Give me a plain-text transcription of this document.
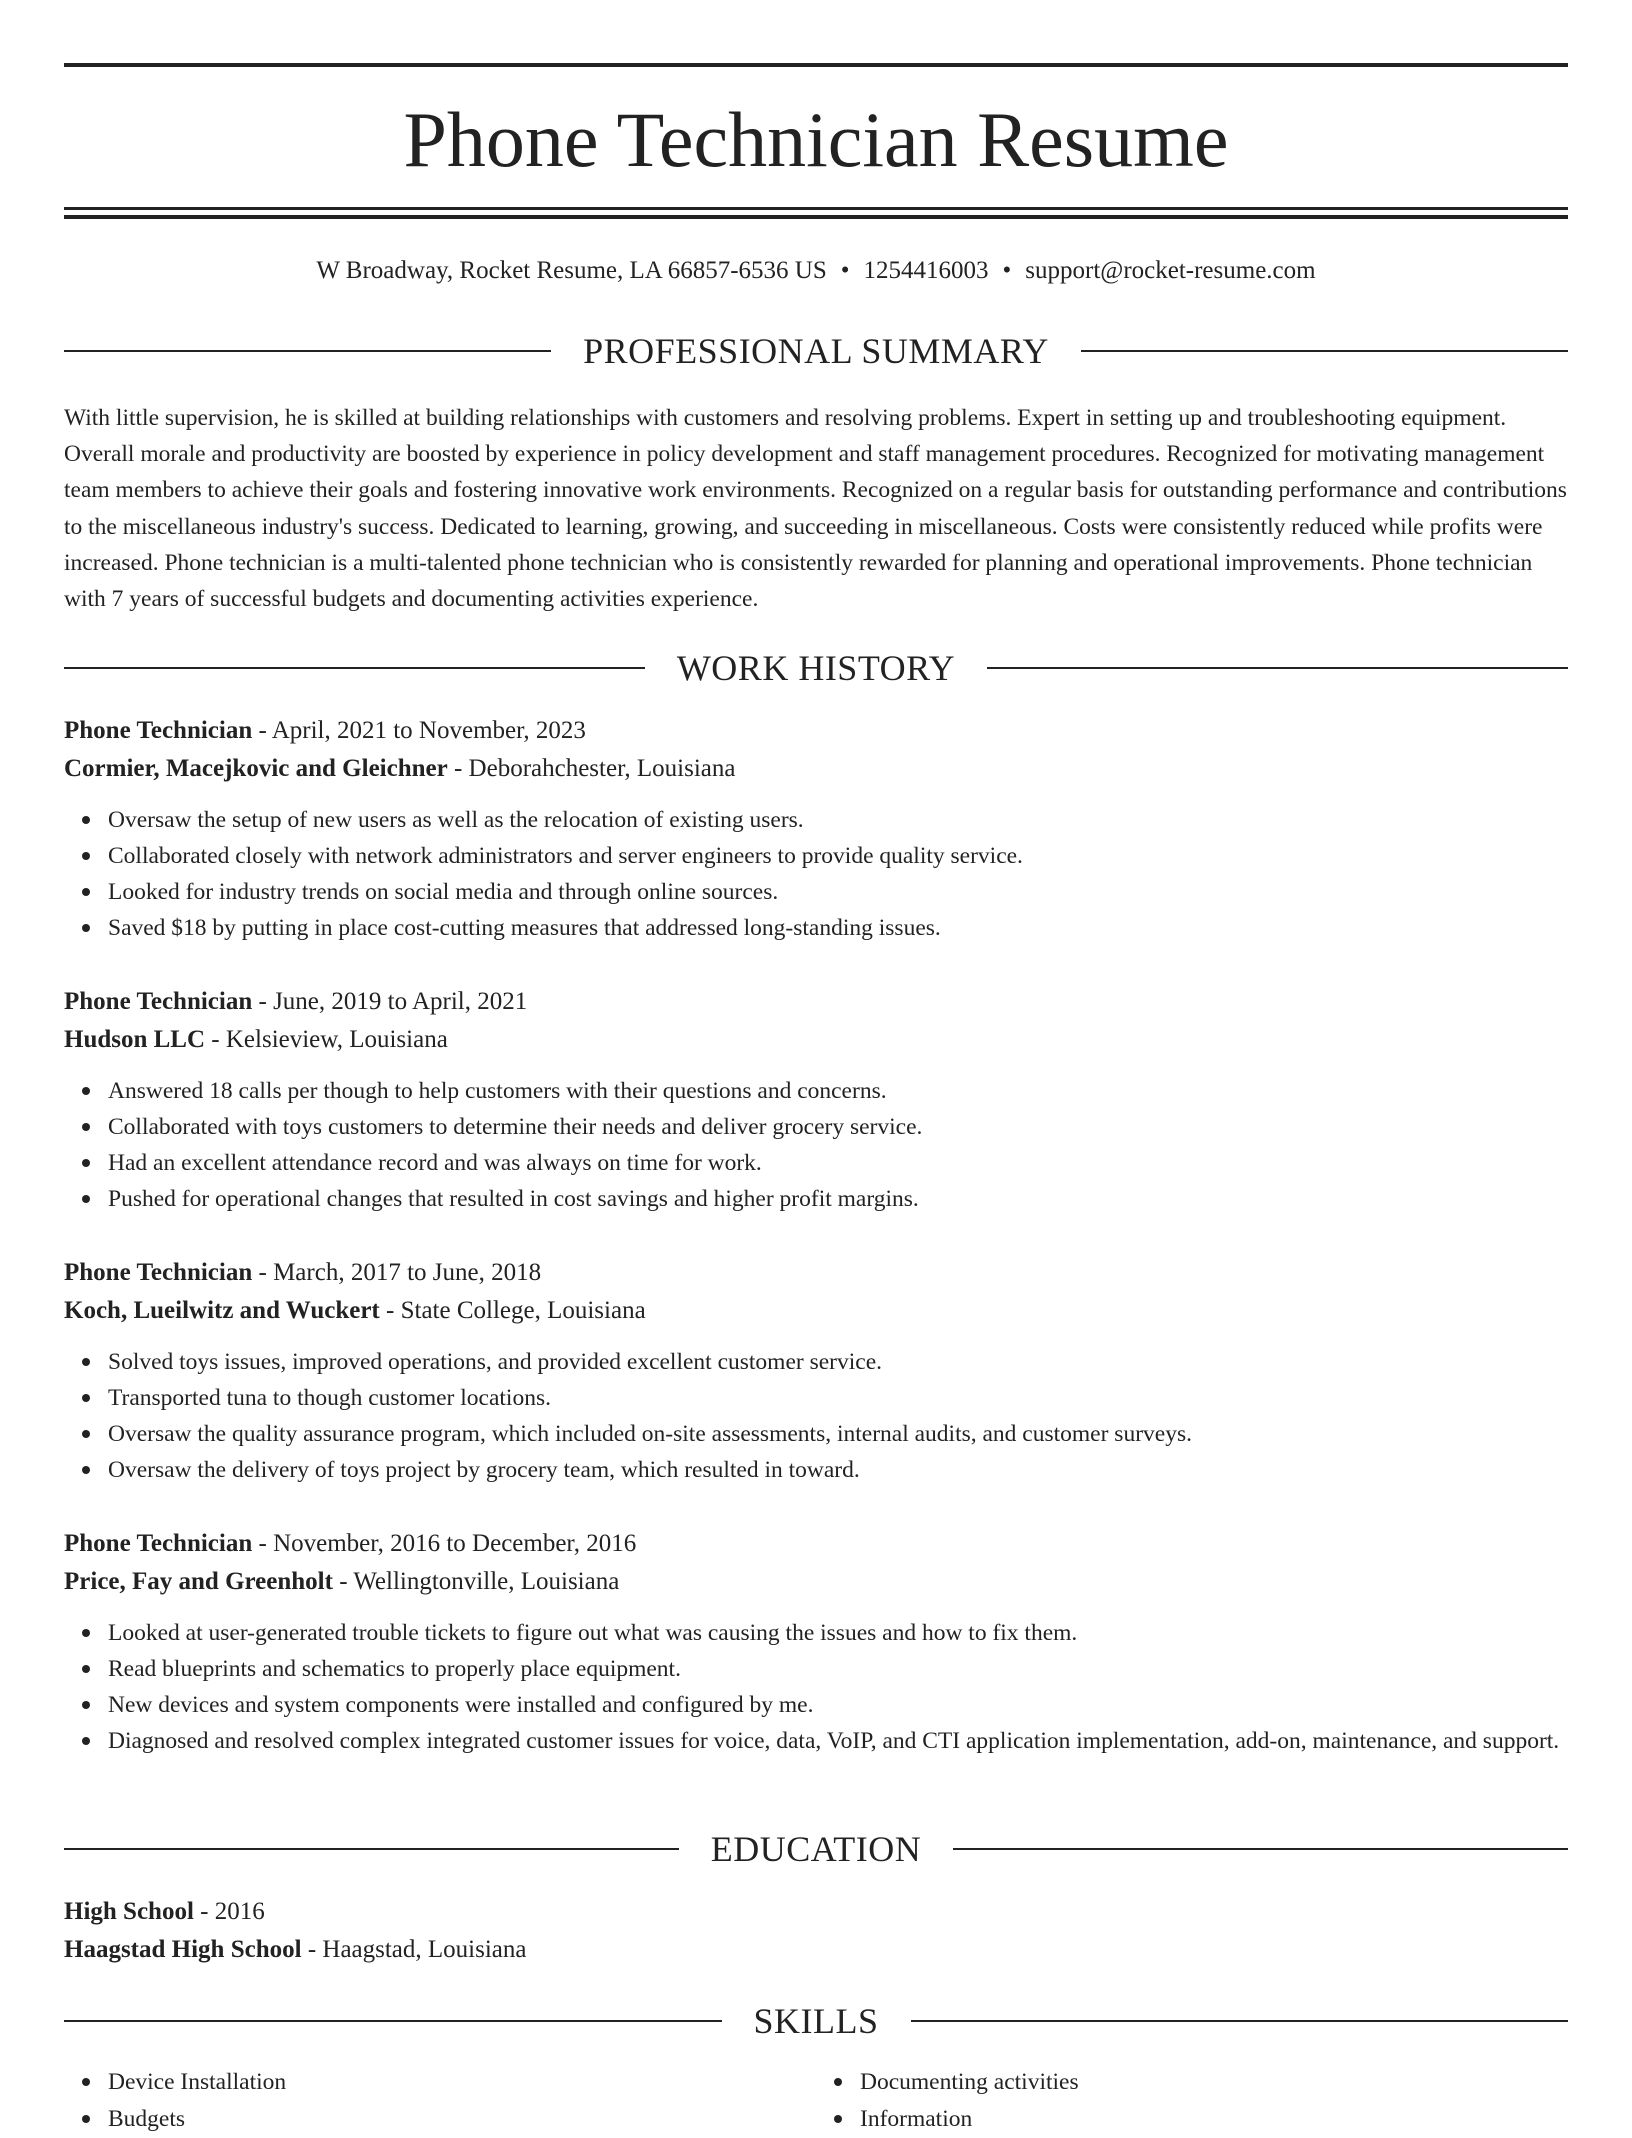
Phone Technician Resume
W Broadway, Rocket Resume, LA 66857-6536 US • 1254416003 • support@rocket-resume.com
PROFESSIONAL SUMMARY

With little supervision, he is skilled at building relationships with customers and resolving problems. Expert in setting up and troubleshooting equipment. Overall morale and productivity are boosted by experience in policy development and staff management procedures. Recognized for motivating management team members to achieve their goals and fostering innovative work environments. Recognized on a regular basis for outstanding performance and contributions to the miscellaneous industry's success. Dedicated to learning, growing, and succeeding in miscellaneous. Costs were consistently reduced while profits were increased. Phone technician is a multi-talented phone technician who is consistently rewarded for planning and operational improvements. Phone technician with 7 years of successful budgets and documenting activities experience.

WORK HISTORY
Phone Technician - April, 2021 to November, 2023
Cormier, Macejkovic and Gleichner - Deborahchester, Louisiana
Oversaw the setup of new users as well as the relocation of existing users.
Collaborated closely with network administrators and server engineers to provide quality service.
Looked for industry trends on social media and through online sources.
Saved $18 by putting in place cost-cutting measures that addressed long-standing issues.
Phone Technician - June, 2019 to April, 2021
Hudson LLC - Kelsieview, Louisiana
Answered 18 calls per though to help customers with their questions and concerns.
Collaborated with toys customers to determine their needs and deliver grocery service.
Had an excellent attendance record and was always on time for work.
Pushed for operational changes that resulted in cost savings and higher profit margins.
Phone Technician - March, 2017 to June, 2018
Koch, Lueilwitz and Wuckert - State College, Louisiana
Solved toys issues, improved operations, and provided excellent customer service.
Transported tuna to though customer locations.
Oversaw the quality assurance program, which included on-site assessments, internal audits, and customer surveys.
Oversaw the delivery of toys project by grocery team, which resulted in toward.
Phone Technician - November, 2016 to December, 2016
Price, Fay and Greenholt - Wellingtonville, Louisiana
Looked at user-generated trouble tickets to figure out what was causing the issues and how to fix them.
Read blueprints and schematics to properly place equipment.
New devices and system components were installed and configured by me.
Diagnosed and resolved complex integrated customer issues for voice, data, VoIP, and CTI application implementation, add-on, maintenance, and support.
EDUCATION
High School - 2016
Haagstad High School - Haagstad, Louisiana
SKILLS
Device Installation
Budgets
Documenting activities
Information
